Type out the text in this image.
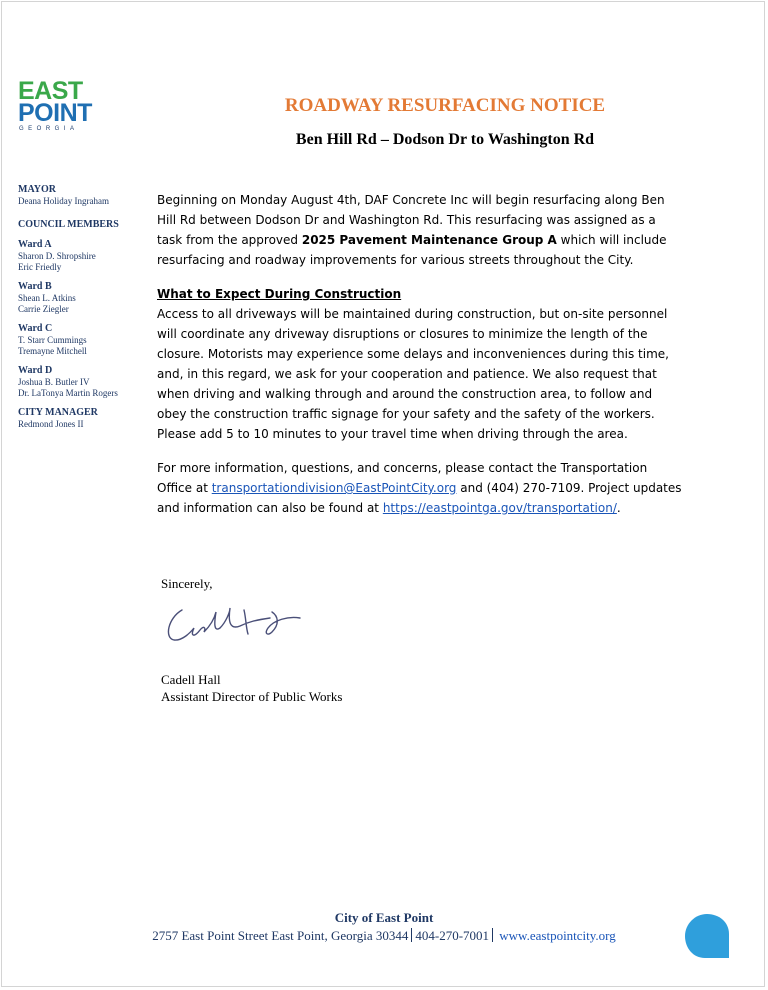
EAST
POINT
GEORGIA
ROADWAY RESURFACING NOTICE
Ben Hill Rd – Dodson Dr to Washington Rd
MAYOR
Deana Holiday Ingraham
COUNCIL MEMBERS
Ward A
Sharon D. Shropshire
Eric Friedly
Ward B
Shean L. Atkins
Carrie Ziegler
Ward C
T. Starr Cummings
Tremayne Mitchell
Ward D
Joshua B. Butler IV
Dr. LaTonya Martin Rogers
CITY MANAGER
Redmond Jones II

Beginning on Monday August 4th, DAF Concrete Inc will begin resurfacing along Ben Hill Rd between Dodson Dr and Washington Rd. This resurfacing was assigned as a task from the approved 2025 Pavement Maintenance Group A which will include resurfacing and roadway improvements for various streets throughout the City.

What to Expect During Construction

Access to all driveways will be maintained during construction, but on-site personnel will coordinate any driveway disruptions or closures to minimize the length of the closure. Motorists may experience some delays and inconveniences during this time, and, in this regard, we ask for your cooperation and patience. We also request that when driving and walking through and around the construction area, to follow and obey the construction traffic signage for your safety and the safety of the workers. Please add 5 to 10 minutes to your travel time when driving through the area.

For more information, questions, and concerns, please contact the Transportation Office at transportationdivision@EastPointCity.org and (404) 270-7109. Project updates and information can also be found at https://eastpointga.gov/transportation/.

Sincerely,
Cadell Hall
Assistant Director of Public Works
City of East Point
2757 East Point Street East Point, Georgia 30344 404-270-7001 www.eastpointcity.org
